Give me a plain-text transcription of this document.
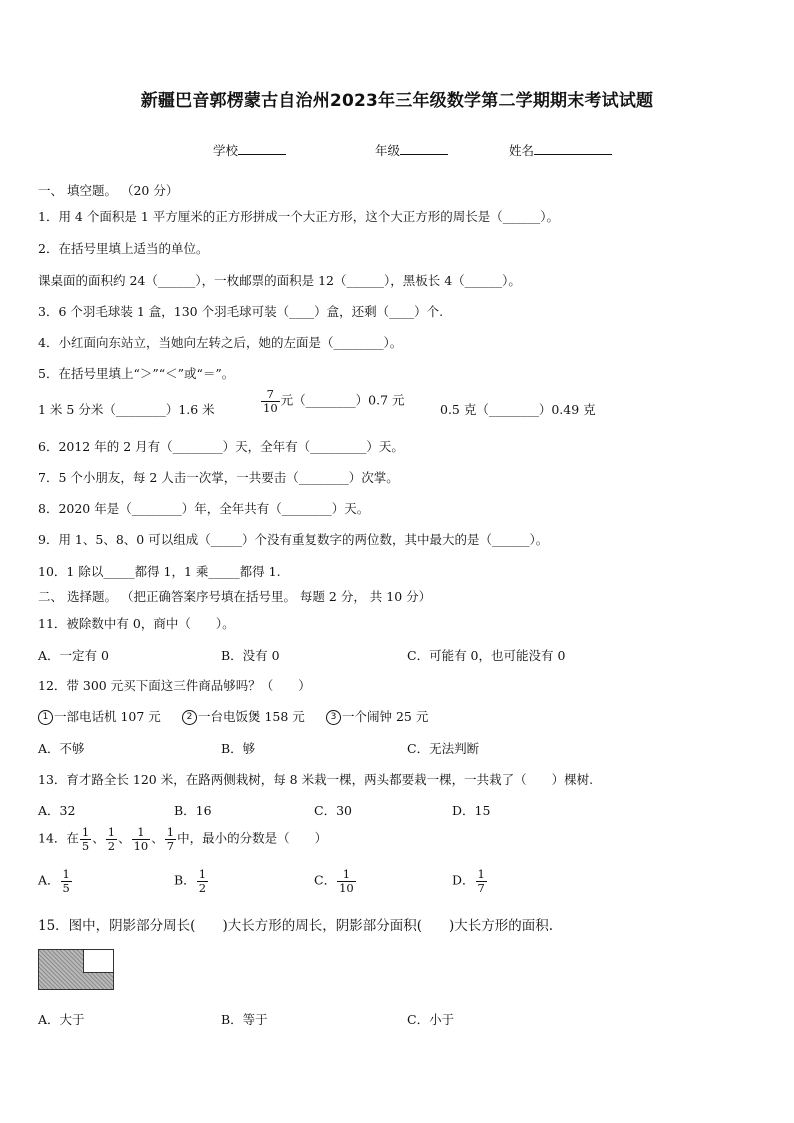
新疆巴音郭楞蒙古自治州2023年三年级数学第二学期期末考试试题
学校	年级	姓名
一、 填空题。 （20 分）
1．用 4 个面积是 1 平方厘米的正方形拼成一个大正方形，这个大正方形的周长是（______）。
2．在括号里填上适当的单位。
课桌面的面积约 24（______），一枚邮票的面积是 12（______），黑板长 4（______）。
3．6 个羽毛球装 1 盒，130 个羽毛球可装（____）盒，还剩（____）个.
4．小红面向东站立，当她向左转之后，她的左面是（________）。
5．在括号里填上“＞”“＜”或“＝”。
1 米 5 分米（________）1.6 米	$\frac{7}{10}$ 元（________）0.7 元
0.5 克（________）0.49 克
6．2012 年的 2 月有（________）天，全年有（_________）天。
7．5 个小朋友，每 2 人击一次掌，一共要击（________）次掌。
8．2020 年是（________）年，全年共有（________）天。
9．用 1、5、8、0 可以组成（_____）个没有重复数字的两位数，其中最大的是（______）。
10．1 除以_____都得 1，1 乘_____都得 1.
二、 选择题。 （把正确答案序号填在括号里。 每题 2 分， 共 10 分）
11．被除数中有 0，商中（　　）。
A．一定有 0	B．没有 0	C．可能有 0，也可能没有 0
12．带 300 元买下面这三件商品够吗？（　　）
1 一部电话机 107 元	2 一台电饭煲 158 元	3 一个闹钟 25 元
A．不够	B．够	C．无法判断
13．育才路全长 120 米，在路两侧栽树，每 8 米栽一棵，两头都要栽一棵，一共栽了（　　）棵树.
A．32	B．16	C．30	D．15
14．在 $\frac{1}{5}$ 、 $\frac{1}{2}$ 、 $\frac{1}{10}$ 、 $\frac{1}{7}$ 中，最小的分数是（　　）
A． $\frac{1}{5}$	B． $\frac{1}{2}$	C． $\frac{1}{10}$	D． $\frac{1}{7}$
15．图中，阴影部分周长(　　)大长方形的周长，阴影部分面积(　　)大长方形的面积.
A．大于	B．等于	C．小于
